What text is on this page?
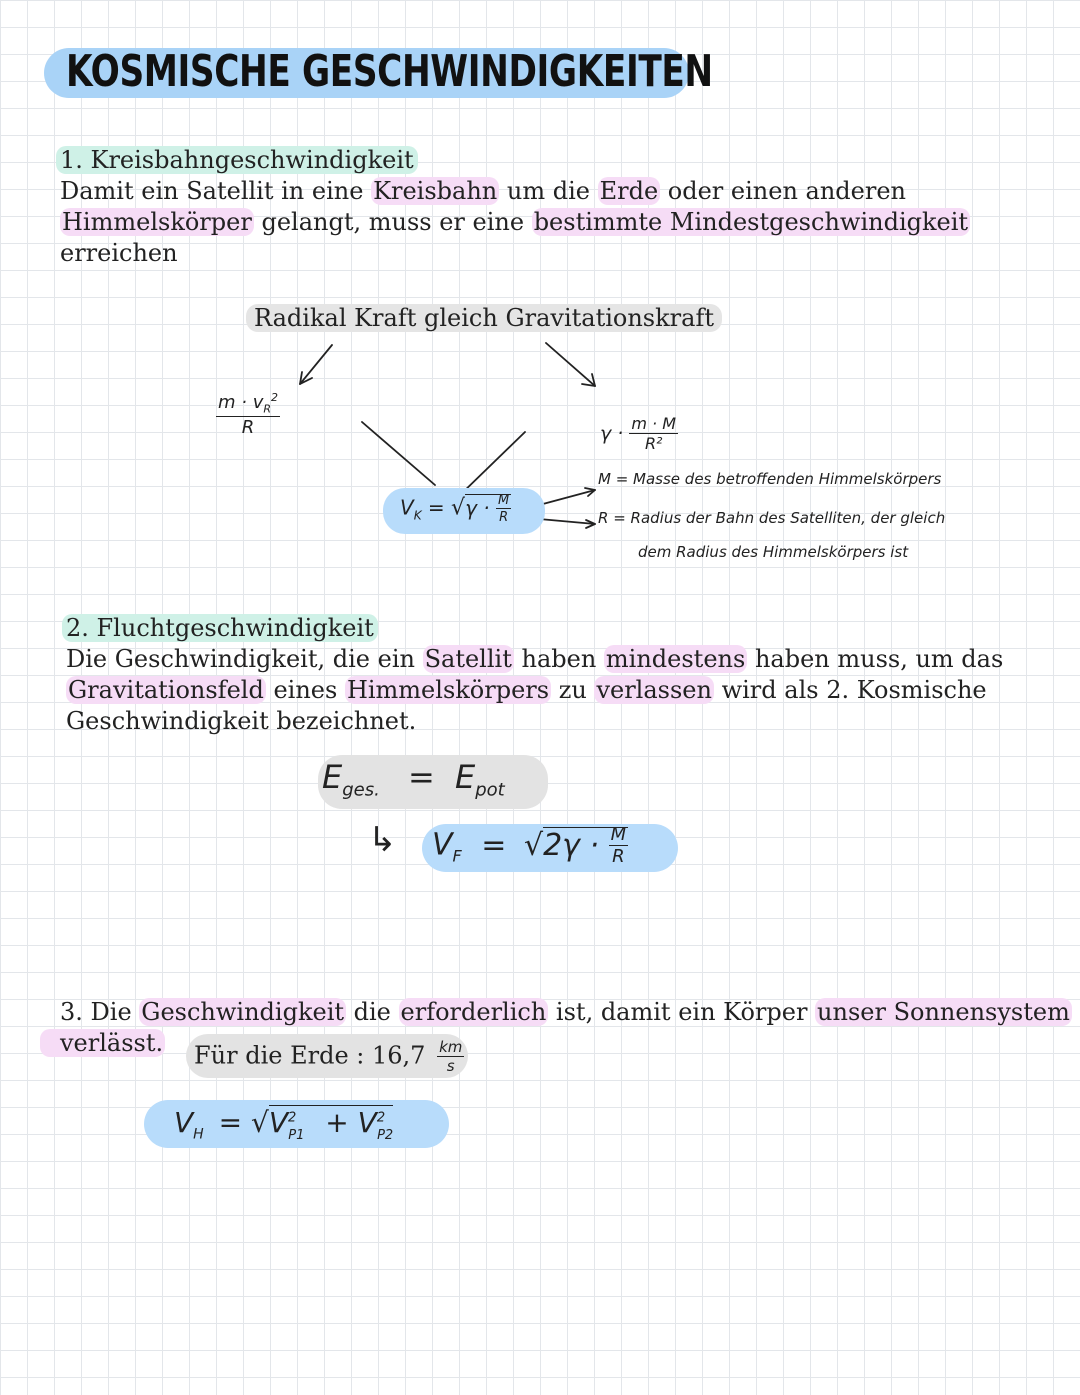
KOSMISCHE GESCHWINDIGKEITEN
1. Kreisbahngeschwindigkeit
Damit ein Satellit in eine Kreisbahn um die Erde oder einen anderen
Himmelskörper gelangt, muss er eine bestimmte Mindestgeschwindigkeit
erreichen
Radikal Kraft gleich Gravitationskraft
$\frac{m \cdot v_R^2}{R}$	$\gamma \cdot \frac{m \cdot M}{\text{R²}}$
$V_K = √\gamma \cdot \frac{M}{R}$
M = Masse des betroffenden Himmelskörpers
R = Radius der Bahn des Satelliten, der gleich
dem Radius des Himmelskörpers ist
2. Fluchtgeschwindigkeit
Die Geschwindigkeit, die ein Satellit haben mindestens haben muss, um das
Gravitationsfeld eines Himmelskörpers zu verlassen wird als 2. Kosmische
Geschwindigkeit bezeichnet.
$E_{ges.} = E_{pot}$
↳ $V_F = √2\gamma \cdot \frac{M}{R}$
3. Die Geschwindigkeit die erforderlich ist, damit ein Körper unser Sonnensystem
verlässt.	Für die Erde : $16,7 \frac{km}{s}$
$V_H = √V^2_{P1} + V^2_{P2}$
